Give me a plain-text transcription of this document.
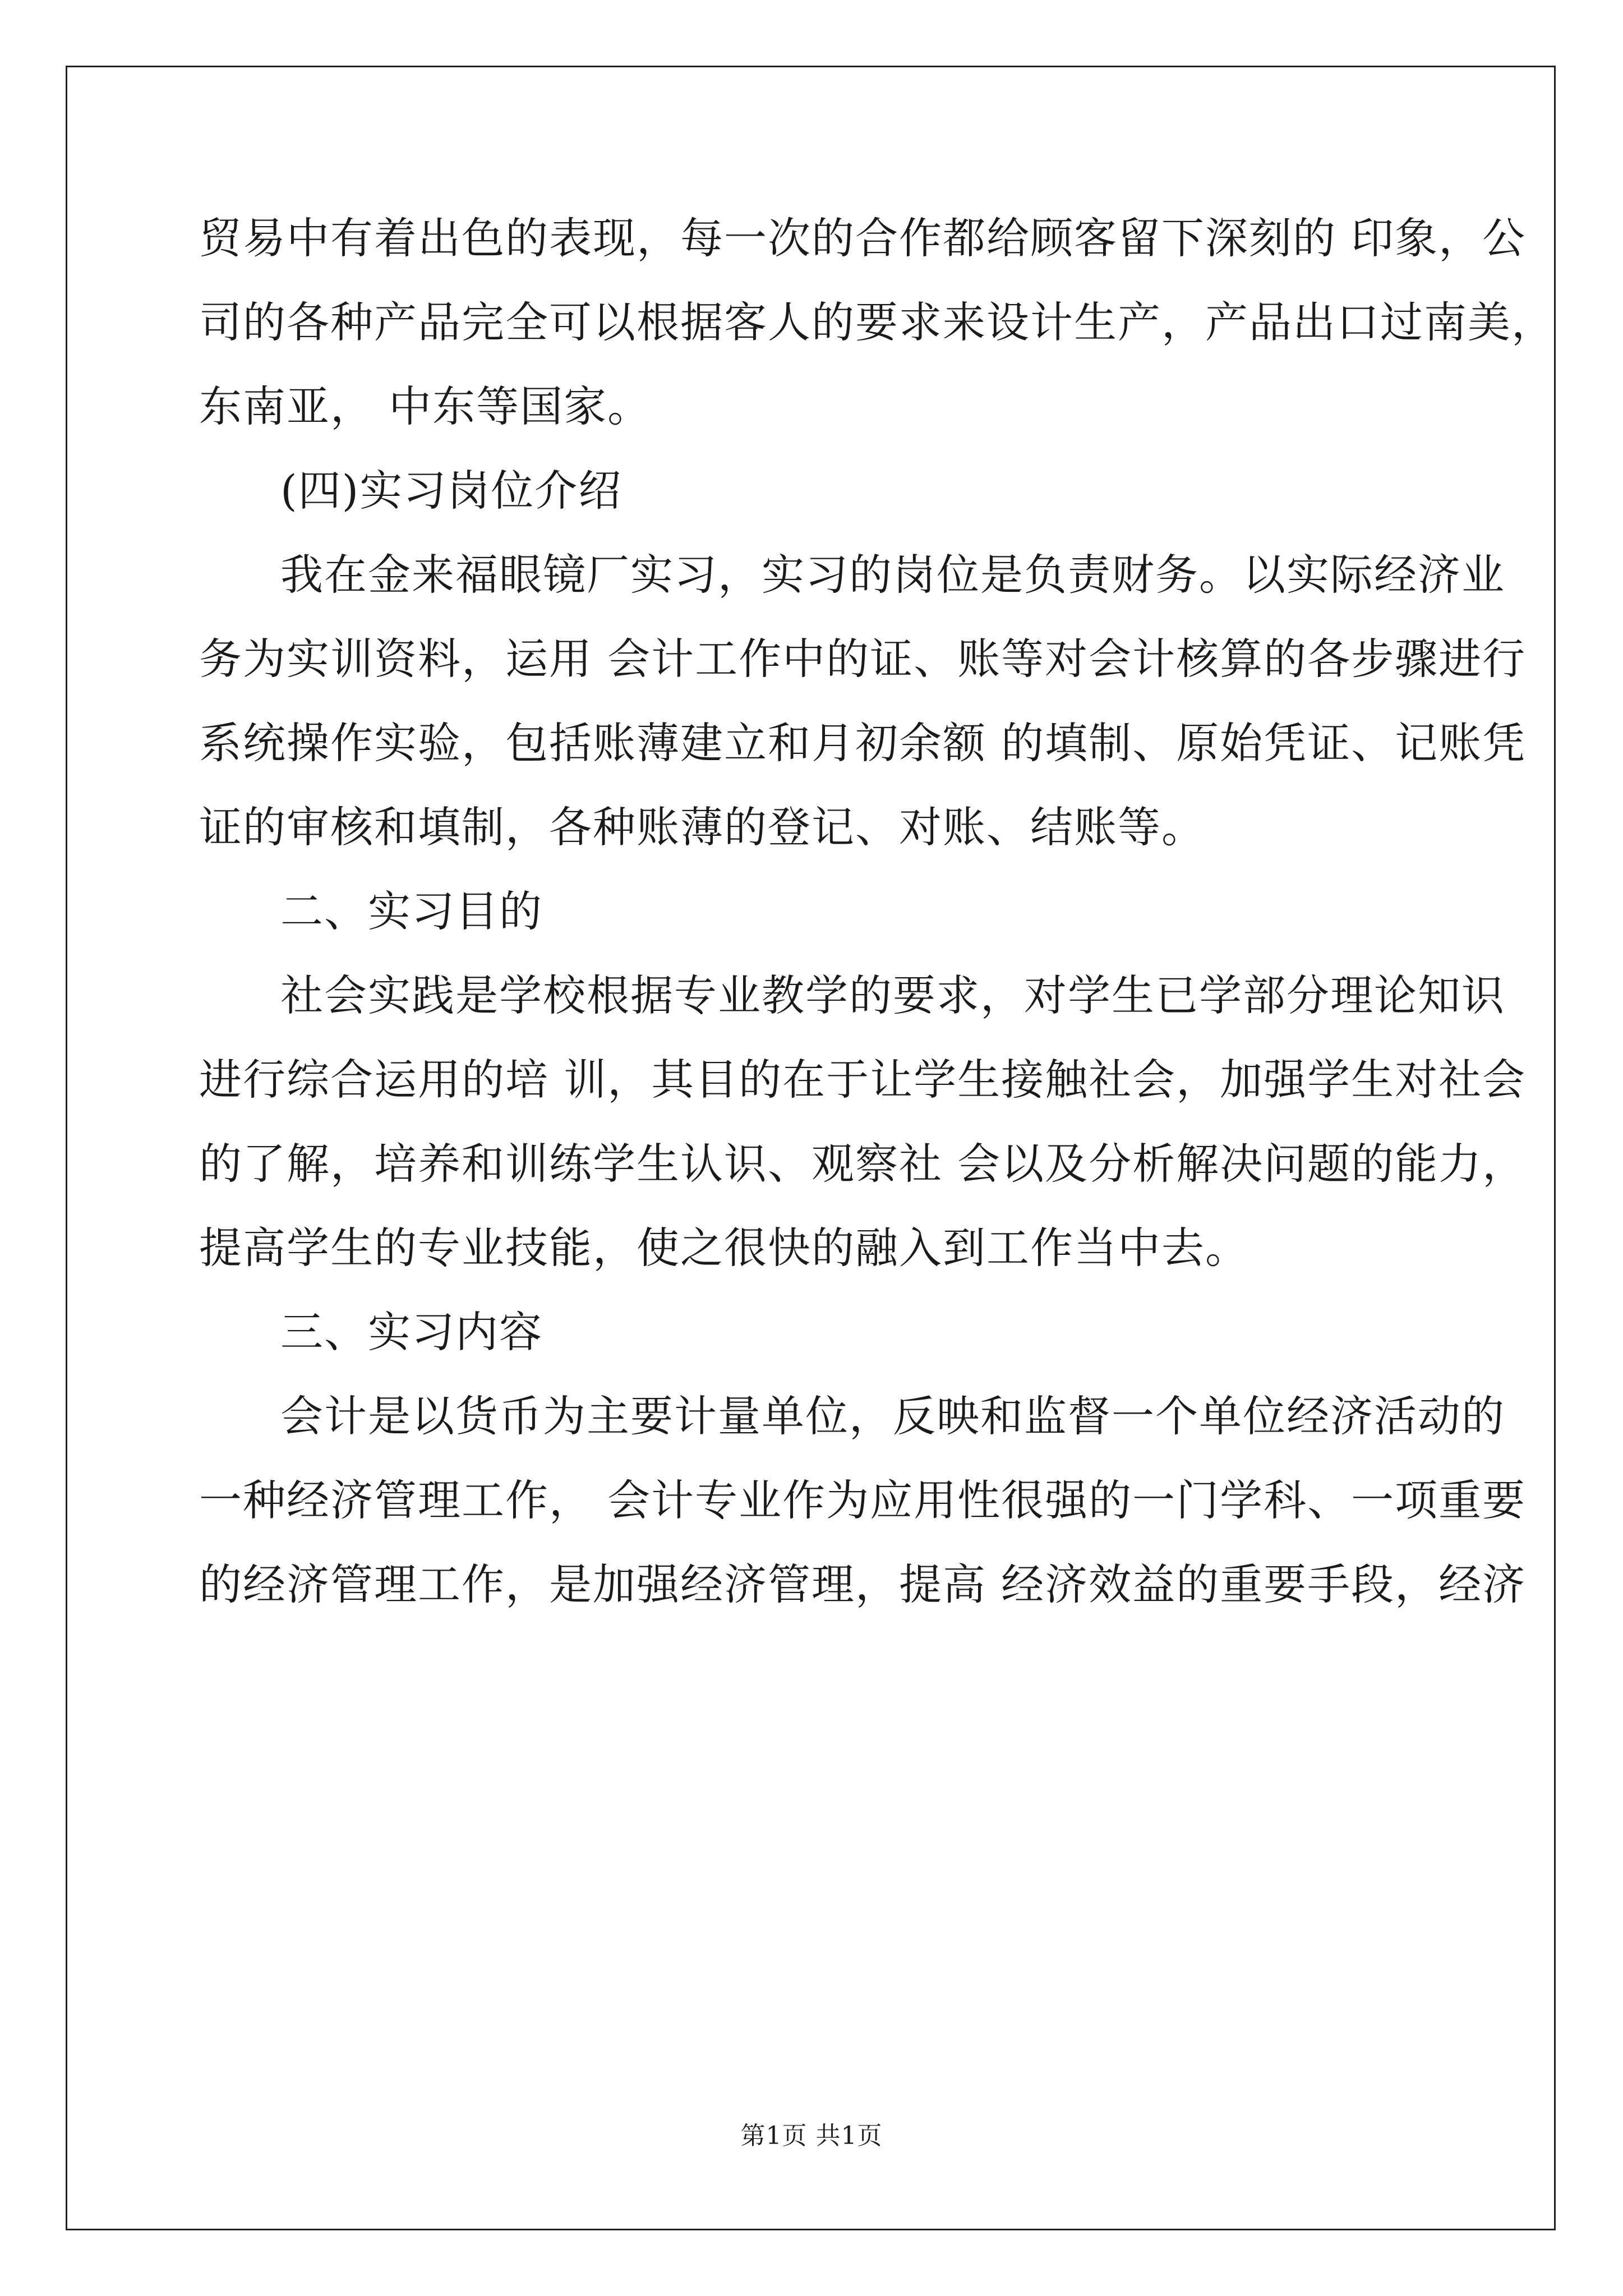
贸易中有着出色的表现，每一次的合作都给顾客留下深刻的 印象，公
司的各种产品完全可以根据客人的要求来设计生产，产品出口过南美，
东南亚， 中东等国家。
(四)实习岗位介绍
我在金来福眼镜厂实习，实习的岗位是负责财务。以实际经济业
务为实训资料，运用 会计工作中的证、账等对会计核算的各步骤进行
系统操作实验，包括账薄建立和月初余额 的填制、原始凭证、记账凭
证的审核和填制，各种账薄的登记、对账、结账等。
二、实习目的
社会实践是学校根据专业教学的要求，对学生已学部分理论知识
进行综合运用的培 训，其目的在于让学生接触社会，加强学生对社会
的了解，培养和训练学生认识、观察社 会以及分析解决问题的能力，
提高学生的专业技能，使之很快的融入到工作当中去。
三、实习内容
会计是以货币为主要计量单位，反映和监督一个单位经济活动的
一种经济管理工作， 会计专业作为应用性很强的一门学科、一项重要
的经济管理工作，是加强经济管理，提高 经济效益的重要手段，经济
第1页 共1页
